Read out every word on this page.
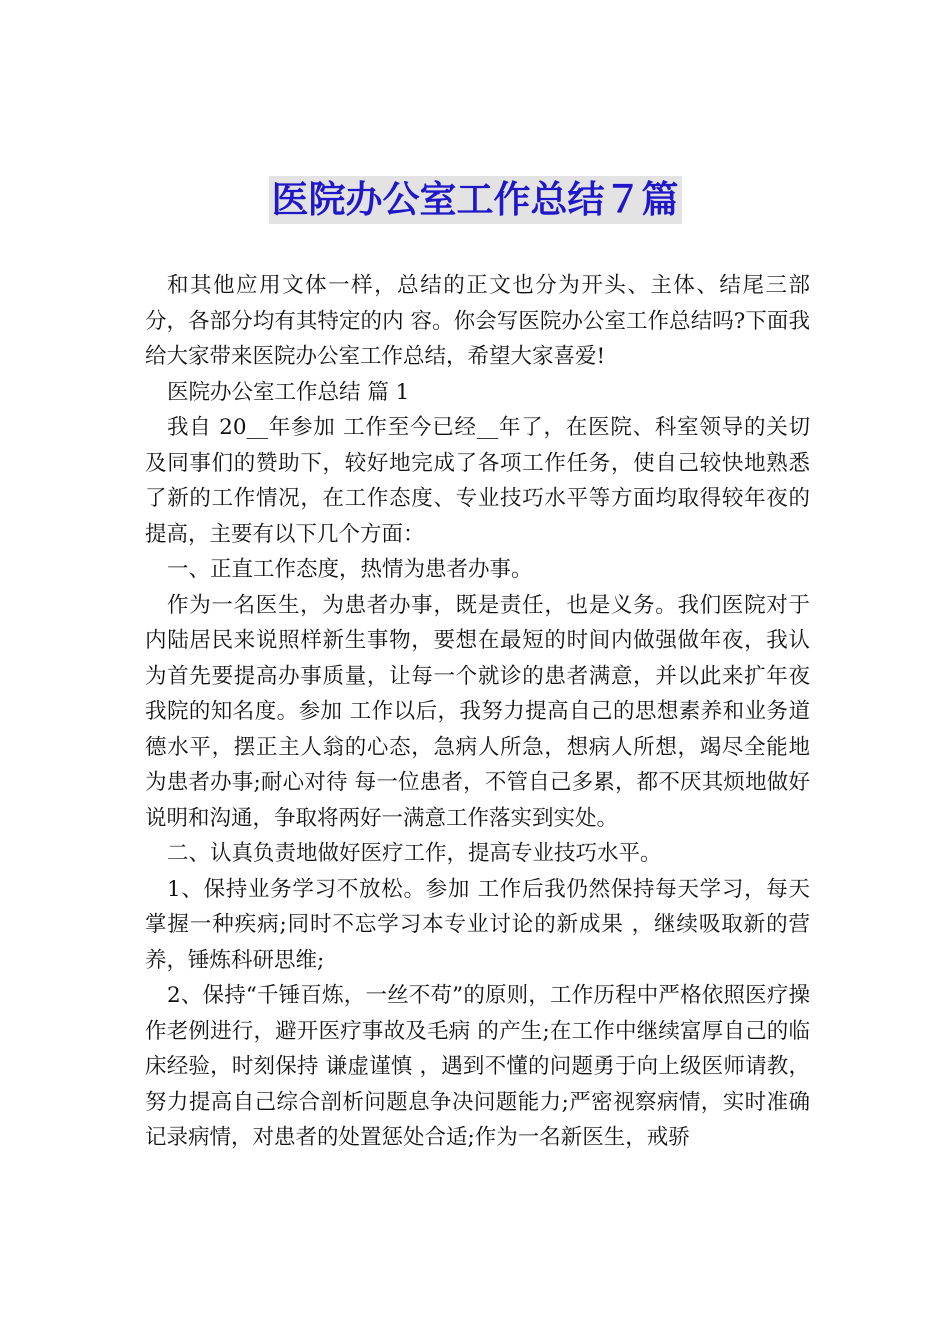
医院办公室工作总结７篇

和其他应用文体一样，总结的正文也分为开头、主体、结尾三部分，各部分均有其特定的内 容。你会写医院办公室工作总结吗?下面我给大家带来医院办公室工作总结，希望大家喜爱!

医院办公室工作总结 篇 1

我自 20__年参加 工作至今已经__年了，在医院、科室领导的关切及同事们的赞助下，较好地完成了各项工作任务，使自己较快地熟悉了新的工作情况，在工作态度、专业技巧水平等方面均取得较年夜的提高，主要有以下几个方面：

一、正直工作态度，热情为患者办事。

作为一名医生，为患者办事，既是责任，也是义务。我们医院对于内陆居民来说照样新生事物，要想在最短的时间内做强做年夜，我认为首先要提高办事质量，让每一个就诊的患者满意，并以此来扩年夜我院的知名度。参加 工作以后，我努力提高自己的思想素养和业务道德水平，摆正主人翁的心态，急病人所急，想病人所想，竭尽全能地为患者办事;耐心对待 每一位患者，不管自己多累，都不厌其烦地做好说明和沟通，争取将两好一满意工作落实到实处。

二、认真负责地做好医疗工作，提高专业技巧水平。

1、保持业务学习不放松。参加 工作后我仍然保持每天学习，每天掌握一种疾病;同时不忘学习本专业讨论的新成果 ，继续吸取新的营养，锤炼科研思维;

2、保持“千锤百炼，一丝不苟”的原则，工作历程中严格依照医疗操作老例进行，避开医疗事故及毛病 的产生;在工作中继续富厚自己的临床经验，时刻保持 谦虚谨慎 ，遇到不懂的问题勇于向上级医师请教，努力提高自己综合剖析问题息争决问题能力;严密视察病情，实时准确记录病情，对患者的处置惩处合适;作为一名新医生，戒骄
